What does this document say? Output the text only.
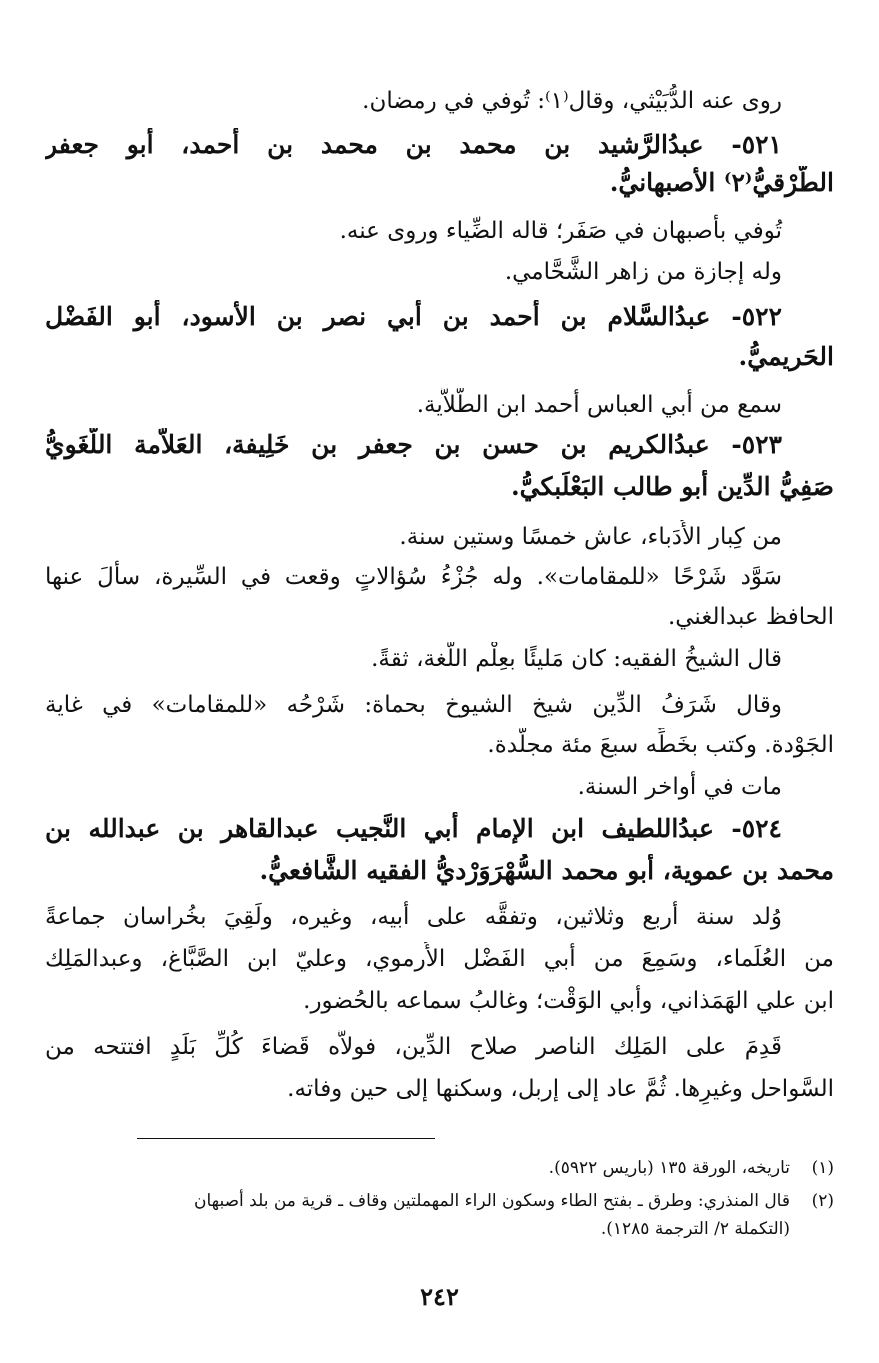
روى عنه الدُّبَيْثي، وقال⁽١⁾: تُوفي في رمضان.
٥٢١- عبدُالرَّشيد بن محمد بن محمد بن أحمد، أبو جعفر
الطَّرْقيُّ⁽٢⁾ الأصبهانيُّ.
تُوفي بأصبهان في صَفَر؛ قاله الضِّياء وروى عنه.
وله إجازة من زاهر الشَّحَّامي.
٥٢٢- عبدُالسَّلام بن أحمد بن أبي نصر بن الأسود، أبو الفَضْل
الحَريميُّ.
سمع من أبي العباس أحمد ابن الطَّلاَّية.
٥٢٣- عبدُالكريم بن حسن بن جعفر بن خَلِيفة، العَلاَّمة اللُّغَويُّ
صَفِيُّ الدِّين أبو طالب البَعْلَبكيُّ.
من كِبار الأُدَباء، عاش خمسًا وستين سنة.
سَوَّد شَرْحًا «للمقامات». وله جُزْءُ سُؤالاتٍ وقعت في السِّيرة، سألَ عنها
الحافظ عبدالغني.
قال الشيخُ الفقيه: كان مَليئًا بعِلْم اللُّغة، ثقةً.
وقال شَرَفُ الدِّين شيخ الشيوخ بحماة: شَرْحُه «للمقامات» في غاية
الجَوْدة. وكتب بخَطِّه سبعَ مئة مجلَّدة.
مات في أواخر السنة.
٥٢٤- عبدُاللطيف ابن الإمام أبي النَّجيب عبدالقاهر بن عبدالله بن
محمد بن عموية، أبو محمد السُّهْرَوَرْديُّ الفقيه الشَّافعيُّ.
وُلد سنة أربع وثلاثين، وتفقَّه على أبيه، وغيره، ولَقِيَ بخُراسان جماعةً
من العُلَماء، وسَمِعَ من أبي الفَضْل الأُرموي، وعليّ ابن الصَّبَّاغ، وعبدالمَلِك
ابن علي الهَمَذاني، وأبي الوَقْت؛ وغالبُ سماعه بالحُضور.
قَدِمَ على المَلِك الناصر صلاح الدِّين، فولاَّه قَضاءَ كُلِّ بَلَدٍ افتتحه من
السَّواحل وغيرِها. ثُمَّ عاد إلى إربل، وسكنها إلى حين وفاته.
(١)تاريخه، الورقة ١٣٥ (باريس ٥٩٢٢).
(٢)قال المنذري: وطرق ـ بفتح الطاء وسكون الراء المهملتين وقاف ـ قرية من بلد أصبهان
(التكملة ٢/ الترجمة ١٢٨٥).
٢٤٢
